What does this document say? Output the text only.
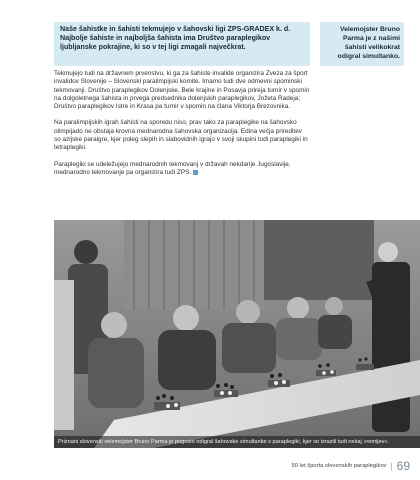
Naše šahistke in šahisti tekmujejo v šahovski ligi ZPS-GRADEX k. d. Najbolje šahiste in najboljša šahista ima Društvo paraplegikov ljubljanske pokrajine, ki so v tej ligi zmagali največkrat.

Velemojster Bruno Parma je z našimi šahisti velikokrat odigral simultanko.

Tekmujejo tudi na državnem prvenstvu, ki ga za šahiste invalide organizira Zveza za šport invalidov Slovenije – Slovenski paralimpijski komite. Imamo tudi dve odmevni spominski tekmovanji. Društvo paraplegikov Dolenjske, Bele krajine in Posavja prireja turnir v spomin na dolgoletnega šahista in prvega predsednika dolenjskih paraplegikov, Jožeta Radeja; Društvo paraplegikov Istre in Krasa pa turnir v spomin na člana Viktorja Brezovnika.

Na paralimpijskih igrah šahisti na sporedu niso, prav tako za paraplegike na šahovsko olimpijado ne obstaja krovna mednarodna šahovska organizacija. Edina večja prireditev so azijske paraigre, kjer poleg slepih in slabovidnih igrajo v svoji skupini tudi paraplegiki in tetraplegiki.

Paraplegiki se udeležujejo mednarodnih tekmovanj v državah nekdanje Jugoslavije, mednarodno tekmovanje pa organizira tudi ZPS.

Priznani slovenski velemojster Bruno Parma je pogosto odigral šahovske simultanke s paraplegiki, kjer so izrazili tudi nekaj »remijev«.
50 let športa slovenskih paraplegikov | 69
